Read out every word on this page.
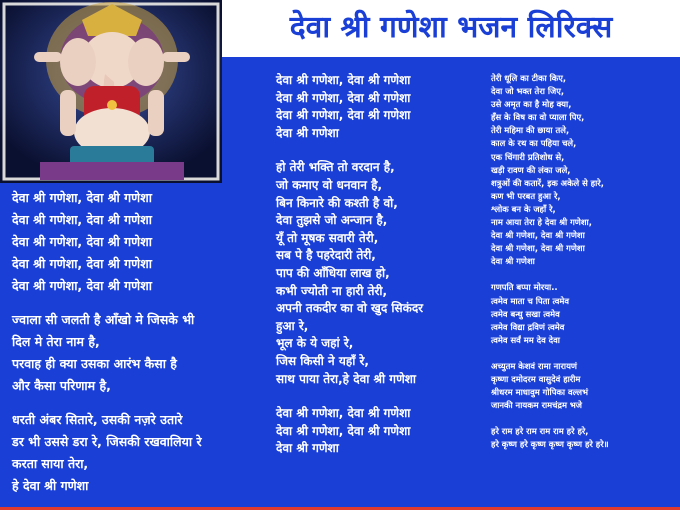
देवा श्री गणेशा भजन लिरिक्स
देवा श्री गणेशा, देवा श्री गणेशा
देवा श्री गणेशा, देवा श्री गणेशा
देवा श्री गणेशा, देवा श्री गणेशा
देवा श्री गणेशा, देवा श्री गणेशा
देवा श्री गणेशा, देवा श्री गणेशा
ज्वाला सी जलती है आँखो मे जिसके भी
दिल मे तेरा नाम है,
परवाह ही क्या उसका आरंभ कैसा है
और कैसा परिणाम है,
धरती अंबर सितारे, उसकी नज़रे उतारे
डर भी उससे डरा रे, जिसकी रखवालिया रे
करता साया तेरा,
हे देवा श्री गणेशा
देवा श्री गणेशा, देवा श्री गणेशा
देवा श्री गणेशा, देवा श्री गणेशा
देवा श्री गणेशा, देवा श्री गणेशा
देवा श्री गणेशा
हो तेरी भक्ति तो वरदान है,
जो कमाए वो धनवान है,
बिन किनारे की कश्ती है वो,
देवा तुझसे जो अन्जान है,
यूँ तो मूषक सवारी तेरी,
सब पे है पहरेदारी तेरी,
पाप की आँधिया लाख हो,
कभी ज्योती ना हारी तेरी,
अपनी तकदीर का वो खुद सिकंदर
हुआ रे,
भूल के ये जहां रे,
जिस किसी ने यहाँ रे,
साथ पाया तेरा,हे देवा श्री गणेशा
देवा श्री गणेशा, देवा श्री गणेशा
देवा श्री गणेशा, देवा श्री गणेशा
देवा श्री गणेशा
तेरी धूलि का टीका किए,
देवा जो भक्त तेरा जिए,
उसे अमृत का है मोह क्या,
हँस के विष का वो प्याला पिए,
तेरी महिमा की छाया तले,
काल के रथ का पहिया चले,
एक चिंगारी प्रतिशोध से,
खड़ी रावण की लंका जले,
शत्रुओं की कतारें, इक अकेले से हारे,
कण भी परबत हुआ रे,
श्लोक बन के जहाँ रे,
नाम आया तेरा हे देवा श्री गणेशा,
देवा श्री गणेशा, देवा श्री गणेशा
देवा श्री गणेशा, देवा श्री गणेशा
देवा श्री गणेशा
गणपति बप्पा मोरया..
त्वमेव माता च पिता त्वमेव
त्वमेव बन्धु सखा त्वमेव
त्वमेव विद्या द्रविणं त्वमेव
त्वमेव सर्वं मम देव देवा
अच्युतम केशवं रामा नारायणं
कृष्णा दमोदरम वासुदेवं हारीम
श्रीधरम माधावुम गोपिका वल्लभं
जानकी नायकम रामचंद्रम भजे
हरे राम हरे राम राम राम हरे हरे,
हरे कृष्ण हरे कृष्ण कृष्ण कृष्ण हरे हरे॥
